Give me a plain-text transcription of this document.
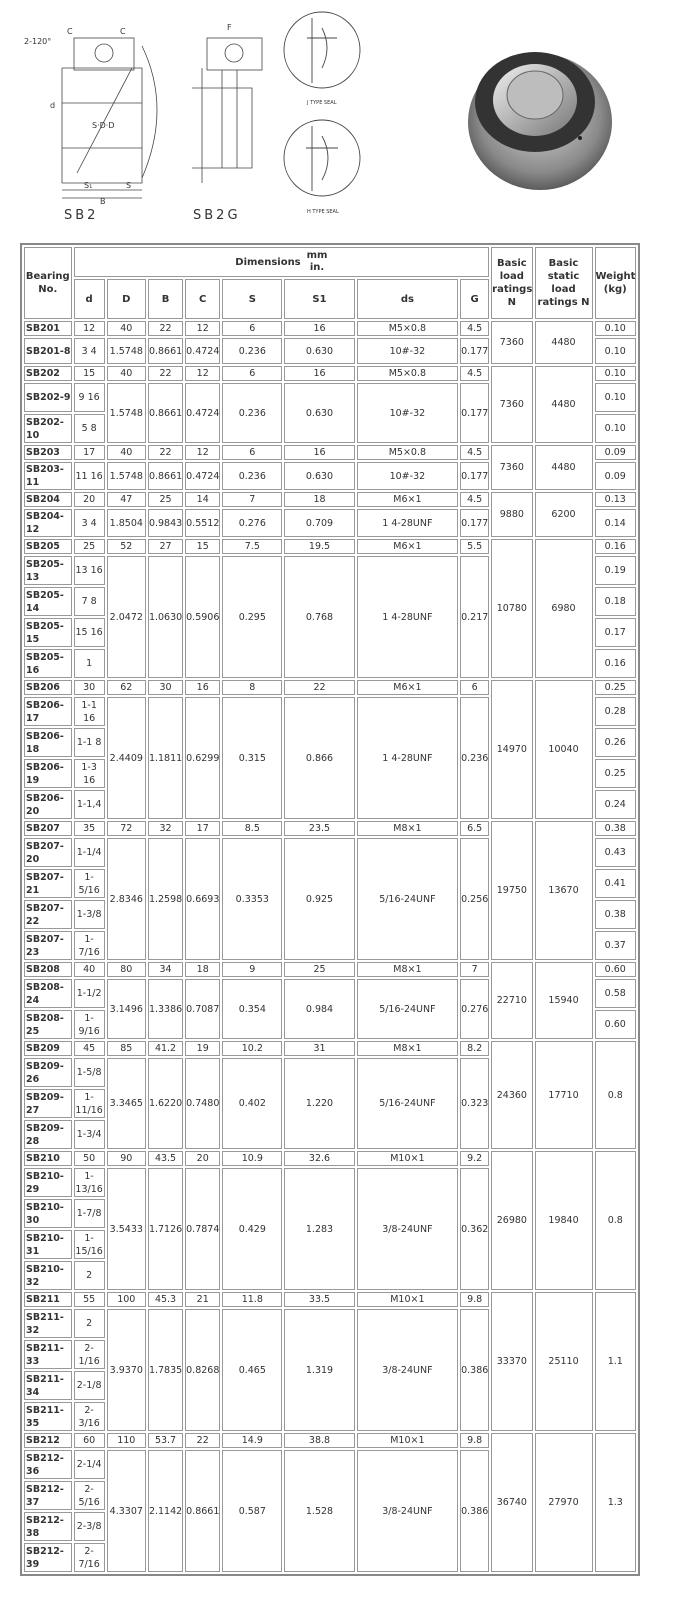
2-120°
C	C	F
d
S·D·D
S₁	S
B
J TYPE SEAL
H TYPE SEAL
SB2	SB2G
Bearing No.	Dimensionsmm
in.								Basic load ratings N	Basic static load ratings N	Weight (kg)
	d	D	B	C	S	S1	ds	G			
SB201	12	40	22	12	6	16	M5×0.8	4.5	7360	4480	0.10
SB201-8	3 4	1.5748	0.8661	0.4724	0.236	0.630	10#-32	0.177			0.10
SB202	15	40	22	12	6	16	M5×0.8	4.5	7360	4480	0.10
SB202-9	9 16	1.5748	0.8661	0.4724	0.236	0.630	10#-32	0.177			0.10
SB202-10	5 8										0.10
SB203	17	40	22	12	6	16	M5×0.8	4.5	7360	4480	0.09
SB203-11	11 16	1.5748	0.8661	0.4724	0.236	0.630	10#-32	0.177			0.09
SB204	20	47	25	14	7	18	M6×1	4.5	9880	6200	0.13
SB204-12	3 4	1.8504	0.9843	0.5512	0.276	0.709	1 4-28UNF	0.177			0.14
SB205	25	52	27	15	7.5	19.5	M6×1	5.5	10780	6980	0.16
SB205-13	13 16	2.0472	1.0630	0.5906	0.295	0.768	1 4-28UNF	0.217			0.19
SB205-14	7 8										0.18
SB205-15	15 16										0.17
SB205-16	1										0.16
SB206	30	62	30	16	8	22	M6×1	6	14970	10040	0.25
SB206-17	1-1 16	2.4409	1.1811	0.6299	0.315	0.866	1 4-28UNF	0.236			0.28
SB206-18	1-1 8										0.26
SB206-19	1-3 16										0.25
SB206-20	1-1,4										0.24
SB207	35	72	32	17	8.5	23.5	M8×1	6.5	19750	13670	0.38
SB207-20	1-1/4	2.8346	1.2598	0.6693	0.3353	0.925	5/16-24UNF	0.256			0.43
SB207-21	1-5/16										0.41
SB207-22	1-3/8										0.38
SB207-23	1-7/16										0.37
SB208	40	80	34	18	9	25	M8×1	7	22710	15940	0.60
SB208-24	1-1/2	3.1496	1.3386	0.7087	0.354	0.984	5/16-24UNF	0.276			0.58
SB208-25	1-9/16										0.60
SB209	45	85	41.2	19	10.2	31	M8×1	8.2	24360	17710	0.8
SB209-26	1-5/8	3.3465	1.6220	0.7480	0.402	1.220	5/16-24UNF	0.323			
SB209-27	1-11/16										
SB209-28	1-3/4										
SB210	50	90	43.5	20	10.9	32.6	M10×1	9.2	26980	19840	0.8
SB210-29	1-13/16	3.5433	1.7126	0.7874	0.429	1.283	3/8-24UNF	0.362			
SB210-30	1-7/8										
SB210-31	1-15/16										
SB210-32	2										
SB211	55	100	45.3	21	11.8	33.5	M10×1	9.8	33370	25110	1.1
SB211-32	2	3.9370	1.7835	0.8268	0.465	1.319	3/8-24UNF	0.386			
SB211-33	2-1/16										
SB211-34	2-1/8										
SB211-35	2-3/16										
SB212	60	110	53.7	22	14.9	38.8	M10×1	9.8	36740	27970	1.3
SB212-36	2-1/4	4.3307	2.1142	0.8661	0.587	1.528	3/8-24UNF	0.386			
SB212-37	2-5/16										
SB212-38	2-3/8										
SB212-39	2-7/16										
